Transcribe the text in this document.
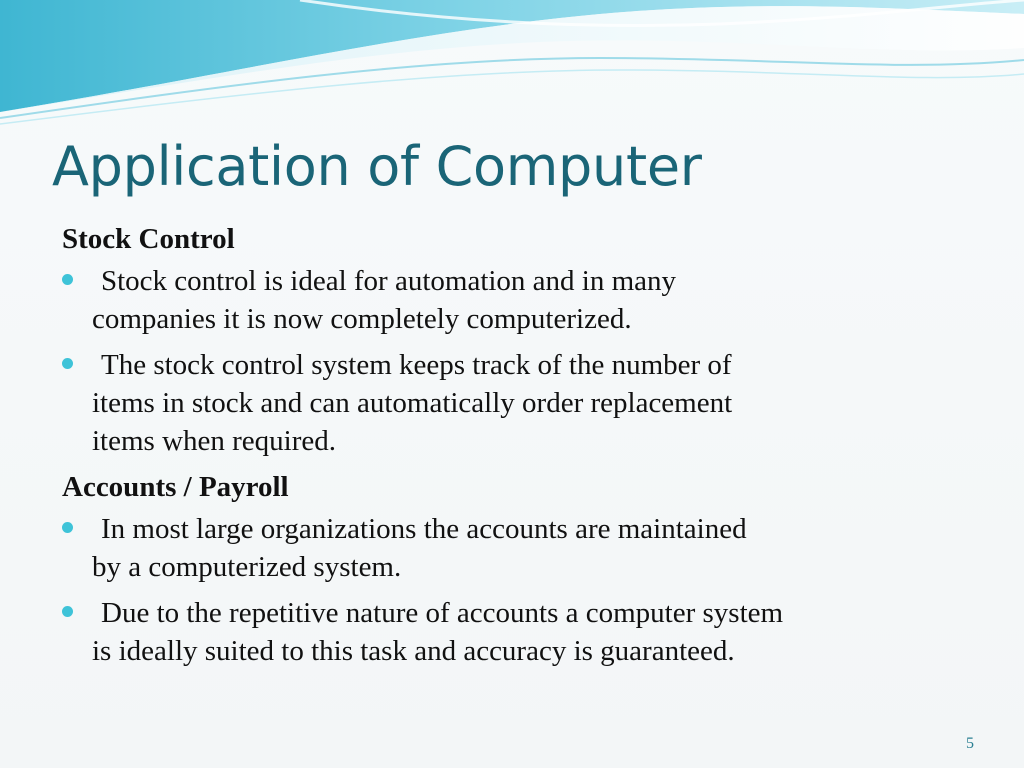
Application of Computer
Stock Control
Stock control is ideal for automation and in many
companies it is now completely computerized.
The stock control system keeps track of the number of
items in stock and can automatically order replacement
items when required.
Accounts / Payroll
In most large organizations the accounts are maintained
by a computerized system.
Due to the repetitive nature of accounts a computer system
is ideally suited to this task and accuracy is guaranteed.
5
